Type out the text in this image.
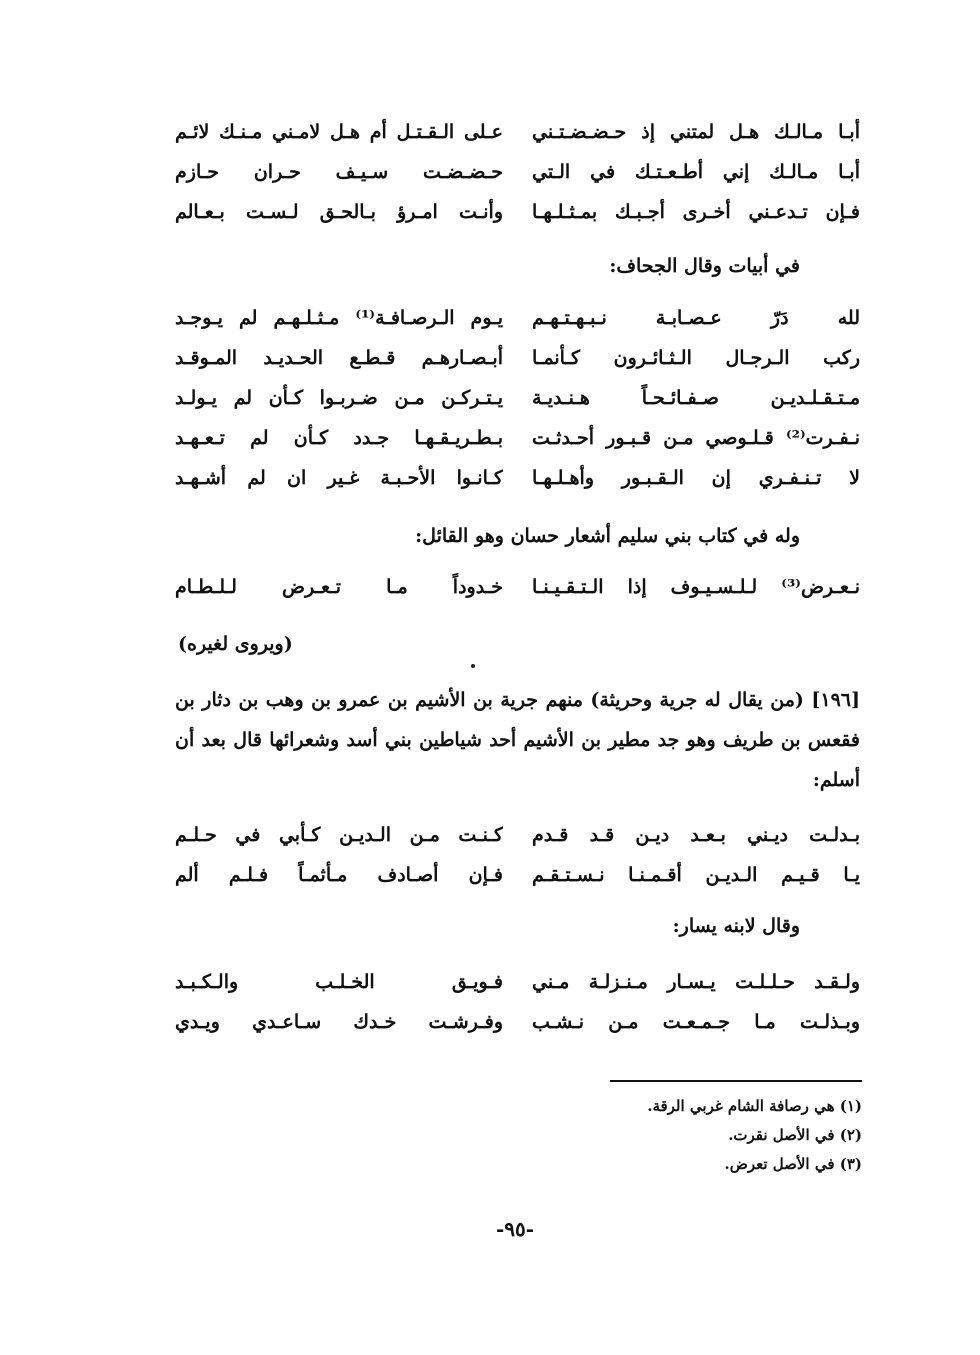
أبـا مـالـك هـل لمتني إذ حـضـضـتـني
عـلى الـقـتـل أم هـل لامـني مـنـك لائـم
أبـا مـالـك إني أطـعـتـك في الـتي
حـضـضـت سـيـف حـران حـازم
فـإن تـدعـني أخـرى أجـبـك بمـثـلـهـا
وأنـت امـرؤ بـالحـق لـسـت بـعـالم
في أبيات وقال الجحاف:
لله دَرّ عـصـابـة نـبـهـتـهـم
يـوم الـرصـافـة⁽¹⁾ مـثـلـهـم لم يـوجـد
ركب الـرجـال الـثـائـرون كـأنمـا
أبـصـارهـم قـطـع الحـديـد المـوقـد
مـتـقـلـديـن صـفـائـحـاً هـنـديـة
يـتـركـن مـن ضـربـوا كـأن لم يـولـد
نـفـرت⁽²⁾ قـلـوصي مـن قـبـور أحـدثـت
بـطـريـقـهـا جـدد كـأن لم تـعـهـد
لا تـنـفـري إن الـقـبـور وأهـلـهـا
كـانـوا الأحـبـة غـير ان لم أشـهـد
وله في كتاب بني سليم أشعار حسان وهو القائل:
نـعـرض⁽³⁾ لـلـسـيـوف إذا الـتـقـيـنـا
خـدوداً مـا تـعـرض لـلـطـام
(ويروى لغيره)
[١٩٦] (من يقال له جرية وحريثة) منهم جرية بن الأشيم بن عمرو بن وهب بن دثار بن فقعس بن طريف وهو جد مطير بن الأشيم أحد شياطين بني أسد وشعرائها قال بعد أن أسلم:
بـدلـت ديـني بـعـد ديـن قـد قـدم
كـنـت مـن الـديـن كـأبي في حـلـم
يـا قـيـم الـديـن أقـمـنـا نـسـتـقـم
فـإن أصـادف مـأثمـاً فـلـم ألم
وقال لابنه يسار:
ولـقـد حـلـلـت يـسـار مـنـزلـة مـني
فـويـق الخـلـب والـكـبـد
وبـذلـت مـا جـمـعـت مـن نـشـب
وفـرشـت خـدك سـاعـدي ويـدي
(١) هي رصافة الشام غربي الرقة.
(٢) في الأصل نقرت.
(٣) في الأصل تعرض.
-٩٥-
